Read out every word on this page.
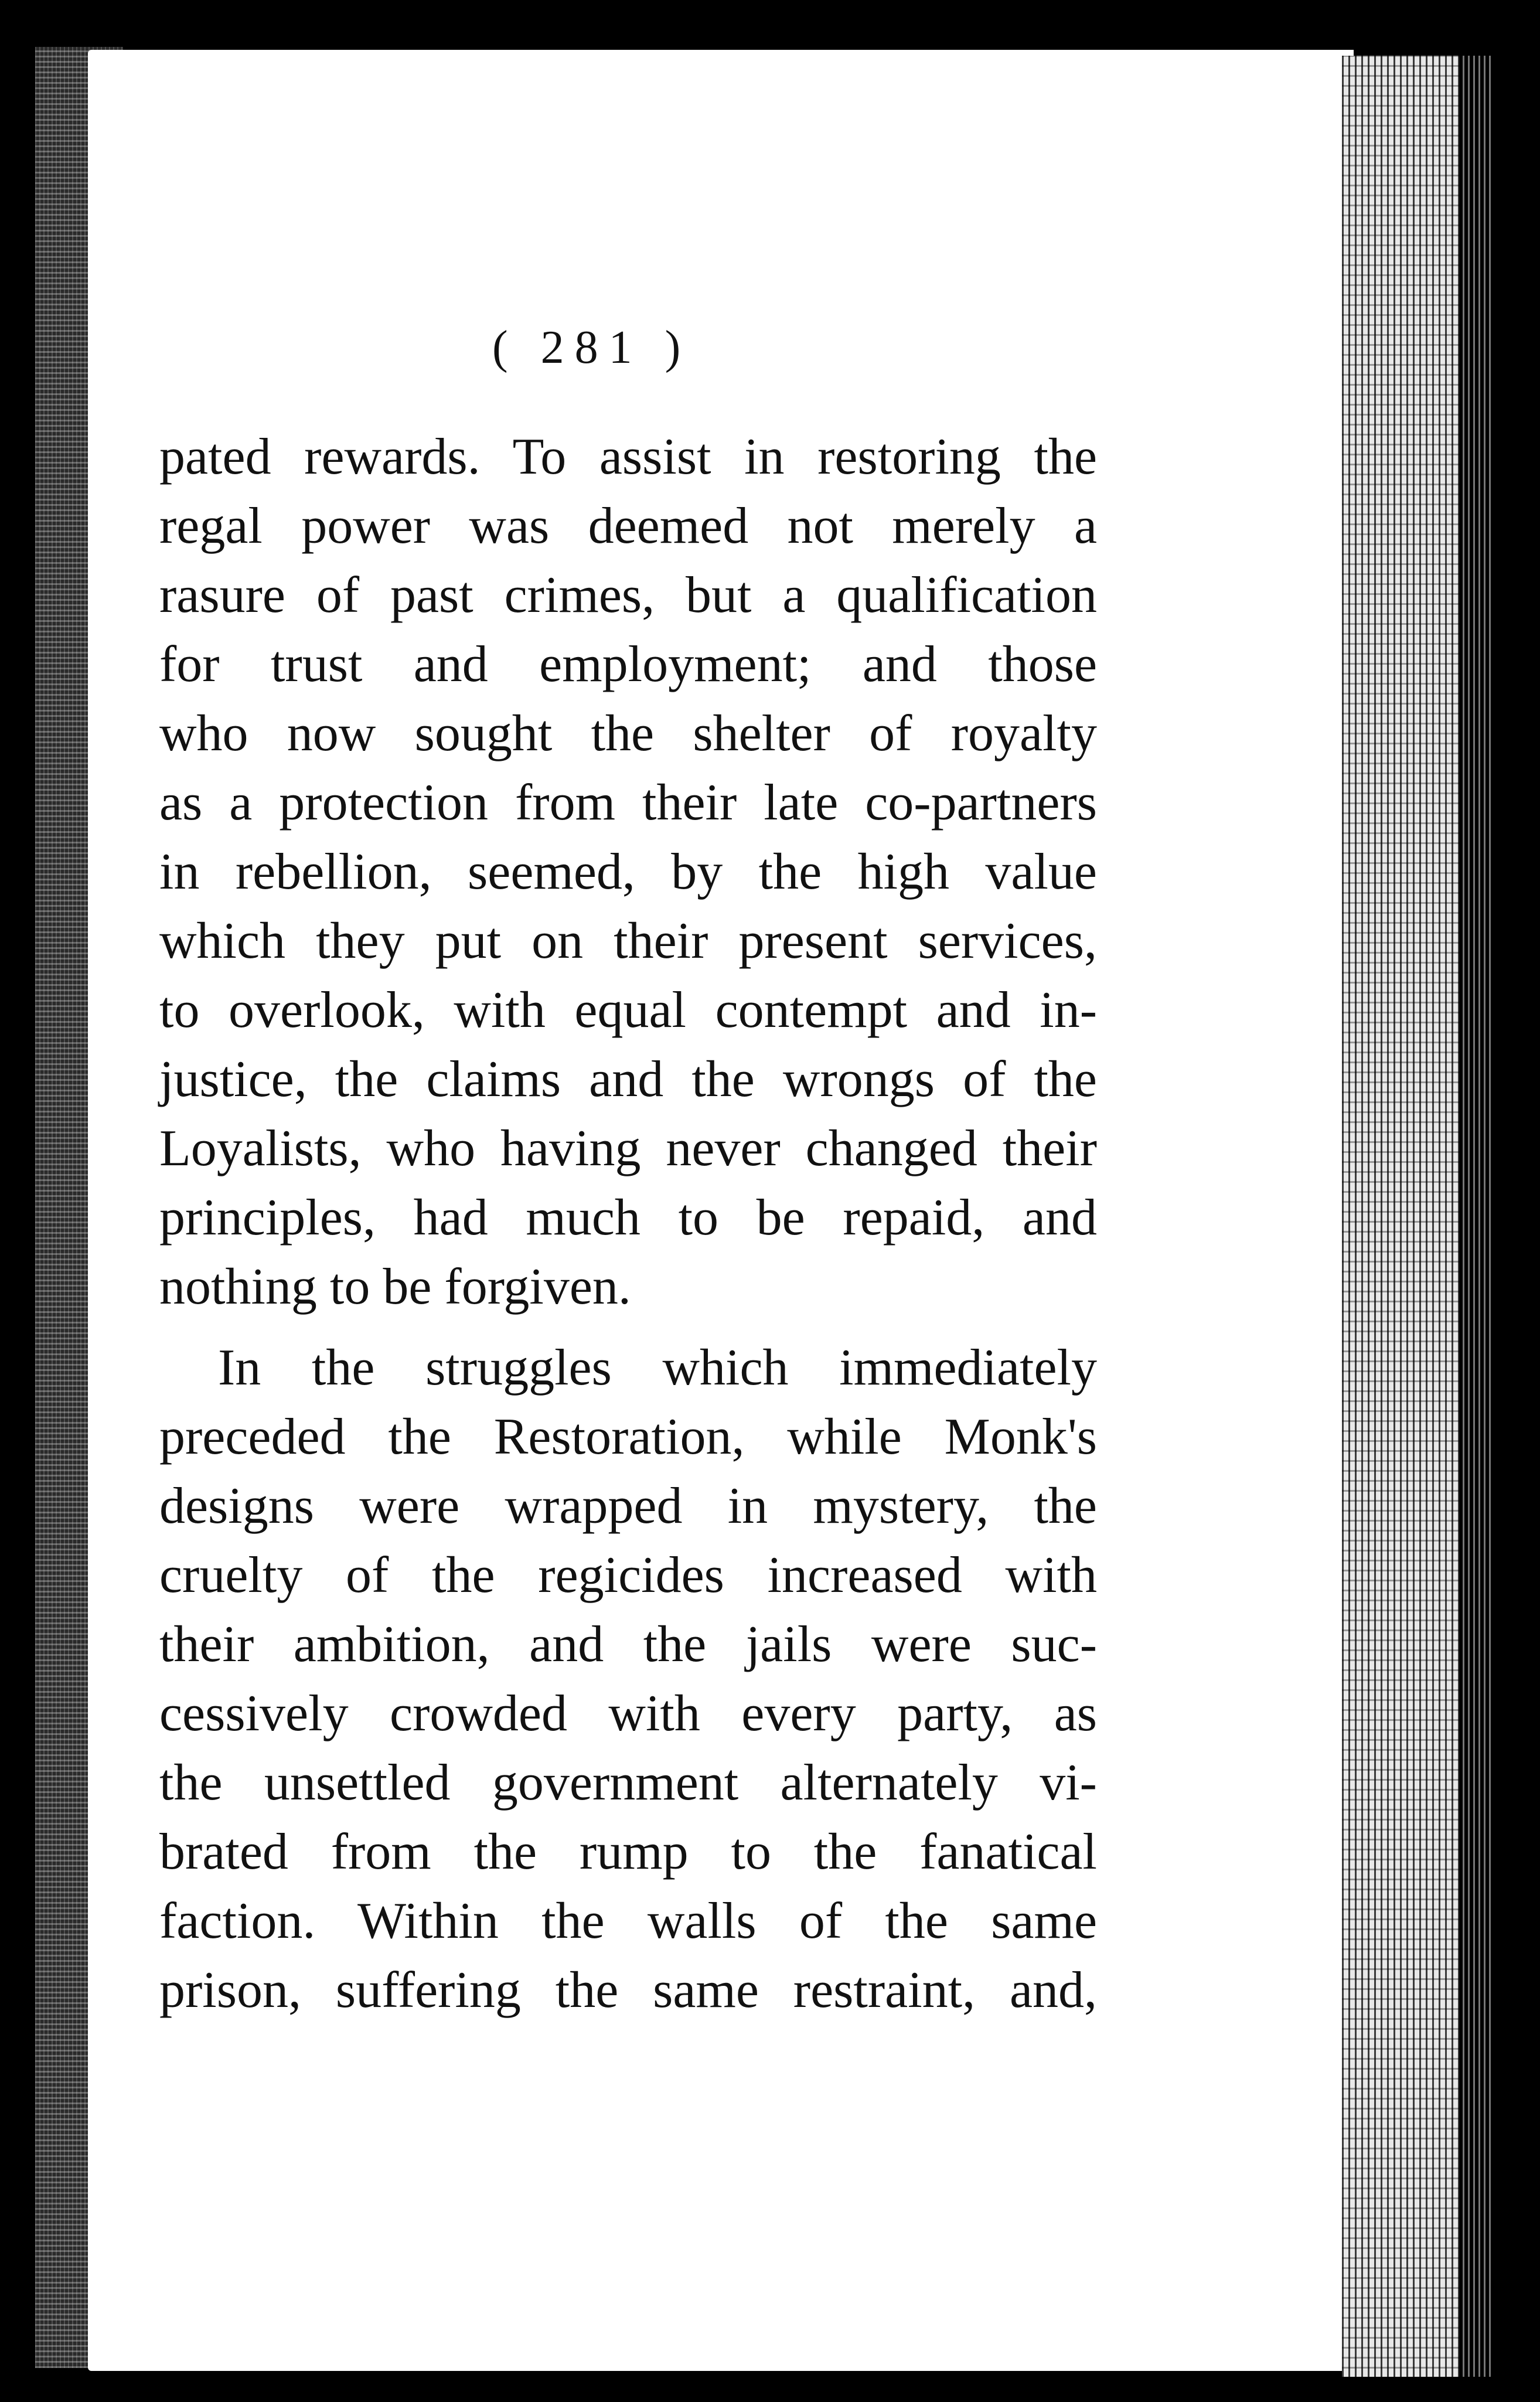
( 281 )
pated rewards. To assist in restoring the
regal power was deemed not merely a
rasure of past crimes, but a qualification
for trust and employment; and those
who now sought the shelter of royalty
as a protection from their late co-partners
in rebellion, seemed, by the high value
which they put on their present services,
to overlook, with equal contempt and in-
justice, the claims and the wrongs of the
Loyalists, who having never changed their
principles, had much to be repaid, and
nothing to be forgiven.
In the struggles which immediately
preceded the Restoration, while Monk's
designs were wrapped in mystery, the
cruelty of the regicides increased with
their ambition, and the jails were suc-
cessively crowded with every party, as
the unsettled government alternately vi-
brated from the rump to the fanatical
faction. Within the walls of the same
prison, suffering the same restraint, and,
